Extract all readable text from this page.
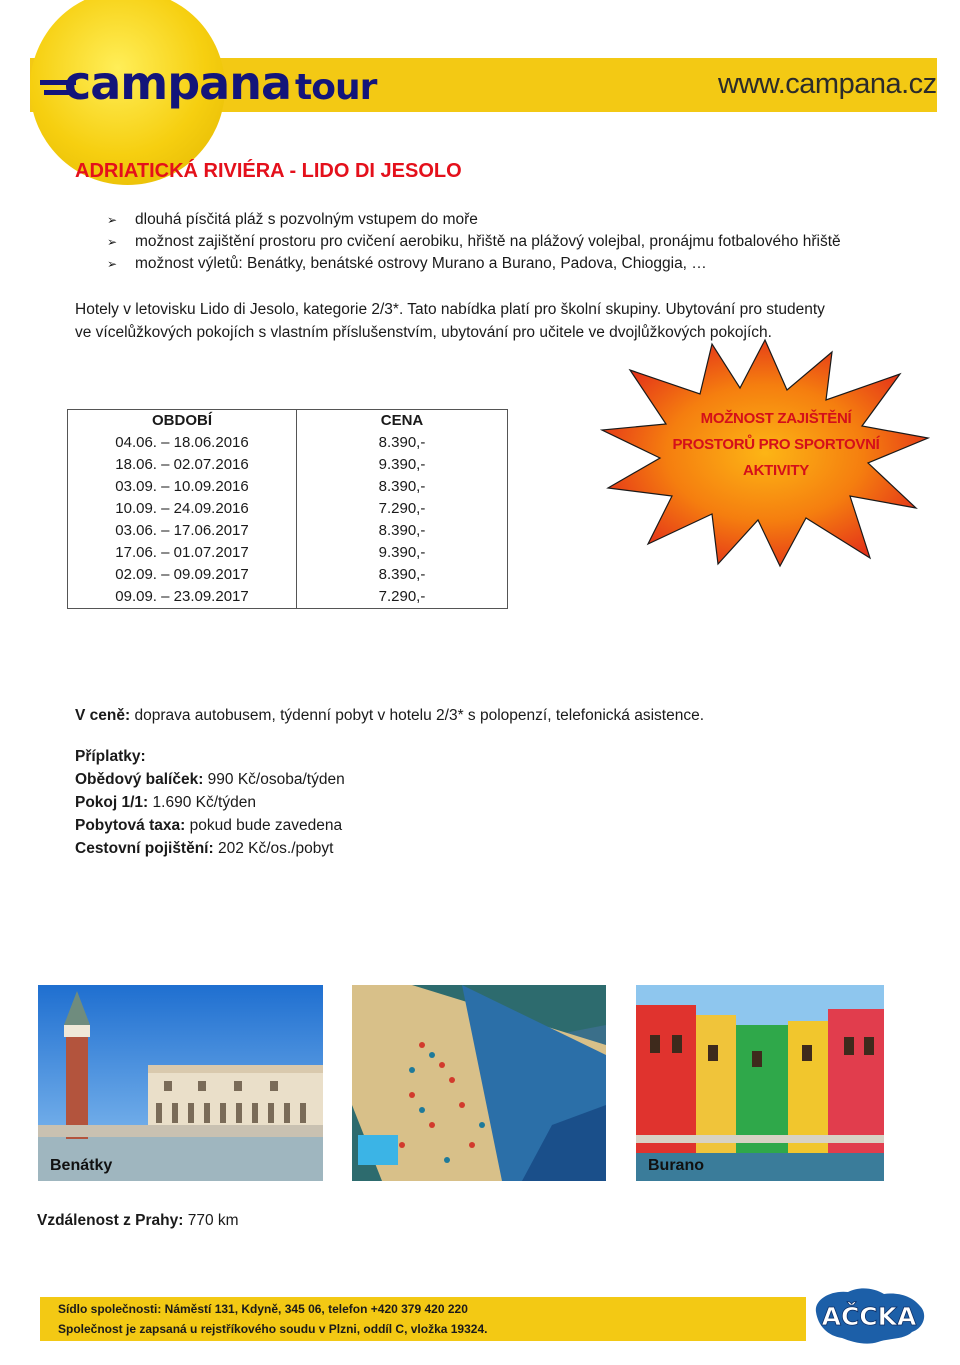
campana tour	www.campana.cz
ADRIATICKÁ RIVIÉRA - LIDO DI JESOLO
➢	dlouhá písčitá pláž s pozvolným vstupem do moře
➢	možnost zajištění prostoru pro cvičení aerobiku, hřiště na plážový volejbal, pronájmu fotbalového hřiště
➢	možnost výletů: Benátky, benátské ostrovy Murano a Burano, Padova, Chioggia, …
Hotely v letovisku Lido di Jesolo, kategorie 2/3*. Tato nabídka platí pro školní skupiny. Ubytování pro studenty
ve vícelůžkových pokojích s vlastním příslušenstvím, ubytování pro učitele ve dvojlůžkových pokojích.
OBDOBÍ	CENA
04.06. – 18.06.2016	8.390,-
18.06. – 02.07.2016	9.390,-
03.09. – 10.09.2016	8.390,-
10.09. – 24.09.2016	7.290,-
03.06. – 17.06.2017	8.390,-
17.06. – 01.07.2017	9.390,-
02.09. – 09.09.2017	8.390,-
09.09. – 23.09.2017	7.290,-
MOŽNOST ZAJIŠTĚNÍ
PROSTORŮ PRO SPORTOVNÍ
AKTIVITY
V ceně: doprava autobusem, týdenní pobyt v hotelu 2/3* s polopenzí, telefonická asistence.
Příplatky:
Obědový balíček: 990 Kč/osoba/týden
Pokoj 1/1: 1.690 Kč/týden
Pobytová taxa: pokud bude zavedena
Cestovní pojištění: 202 Kč/os./pobyt
Benátky	Burano
Vzdálenost z Prahy: 770 km
Sídlo společnosti: Náměstí 131, Kdyně, 345 06, telefon +420 379 420 220
Společnost je zapsaná u rejstříkového soudu v Plzni, oddíl C, vložka 19324.	AČCKA
